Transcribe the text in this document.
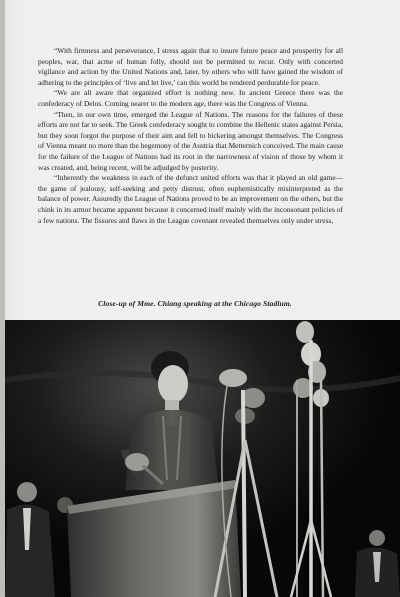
“With firmness and perseverance, I stress again that to insure future peace and prosperity for all peoples, war, that acme of human folly, should not be permitted to recur. Only with concerted vigilance and action by the United Nations and, later, by others who will have gained the wisdom of adhering to the principles of ‘live and let live,’ can this world be rendered perdurable for peace.

“We are all aware that organized effort is nothing new. In ancient Greece there was the confederacy of Delos. Coming nearer to the modern age, there was the Congress of Vienna.

“Then, in our own time, emerged the League of Nations. The reasons for the failures of these efforts are not far to seek. The Greek confederacy sought to combine the Hellenic states against Persia, but they soon forgot the purpose of their aim and fell to bickering amongst themselves. The Congress of Vienna meant no more than the hegemony of the Austria that Metternich conceived. The main cause for the failure of the League of Nations had its root in the narrowness of vision of those by whom it was created, and, being recent, will be adjudged by posterity.

“Inherently the weakness in each of the defunct united efforts was that it played an old game—the game of jealousy, self-seeking and petty distrust, often euphemistically misinterpreted as the balance of power. Assuredly the League of Nations proved to be an improvement on the others, but the chink in its armor became apparent because it concerned itself mainly with the inconsonant policies of a few nations. The fissures and flaws in the League covenant revealed themselves only under stress,

Close-up of Mme. Chiang speaking at the Chicago Stadium.
